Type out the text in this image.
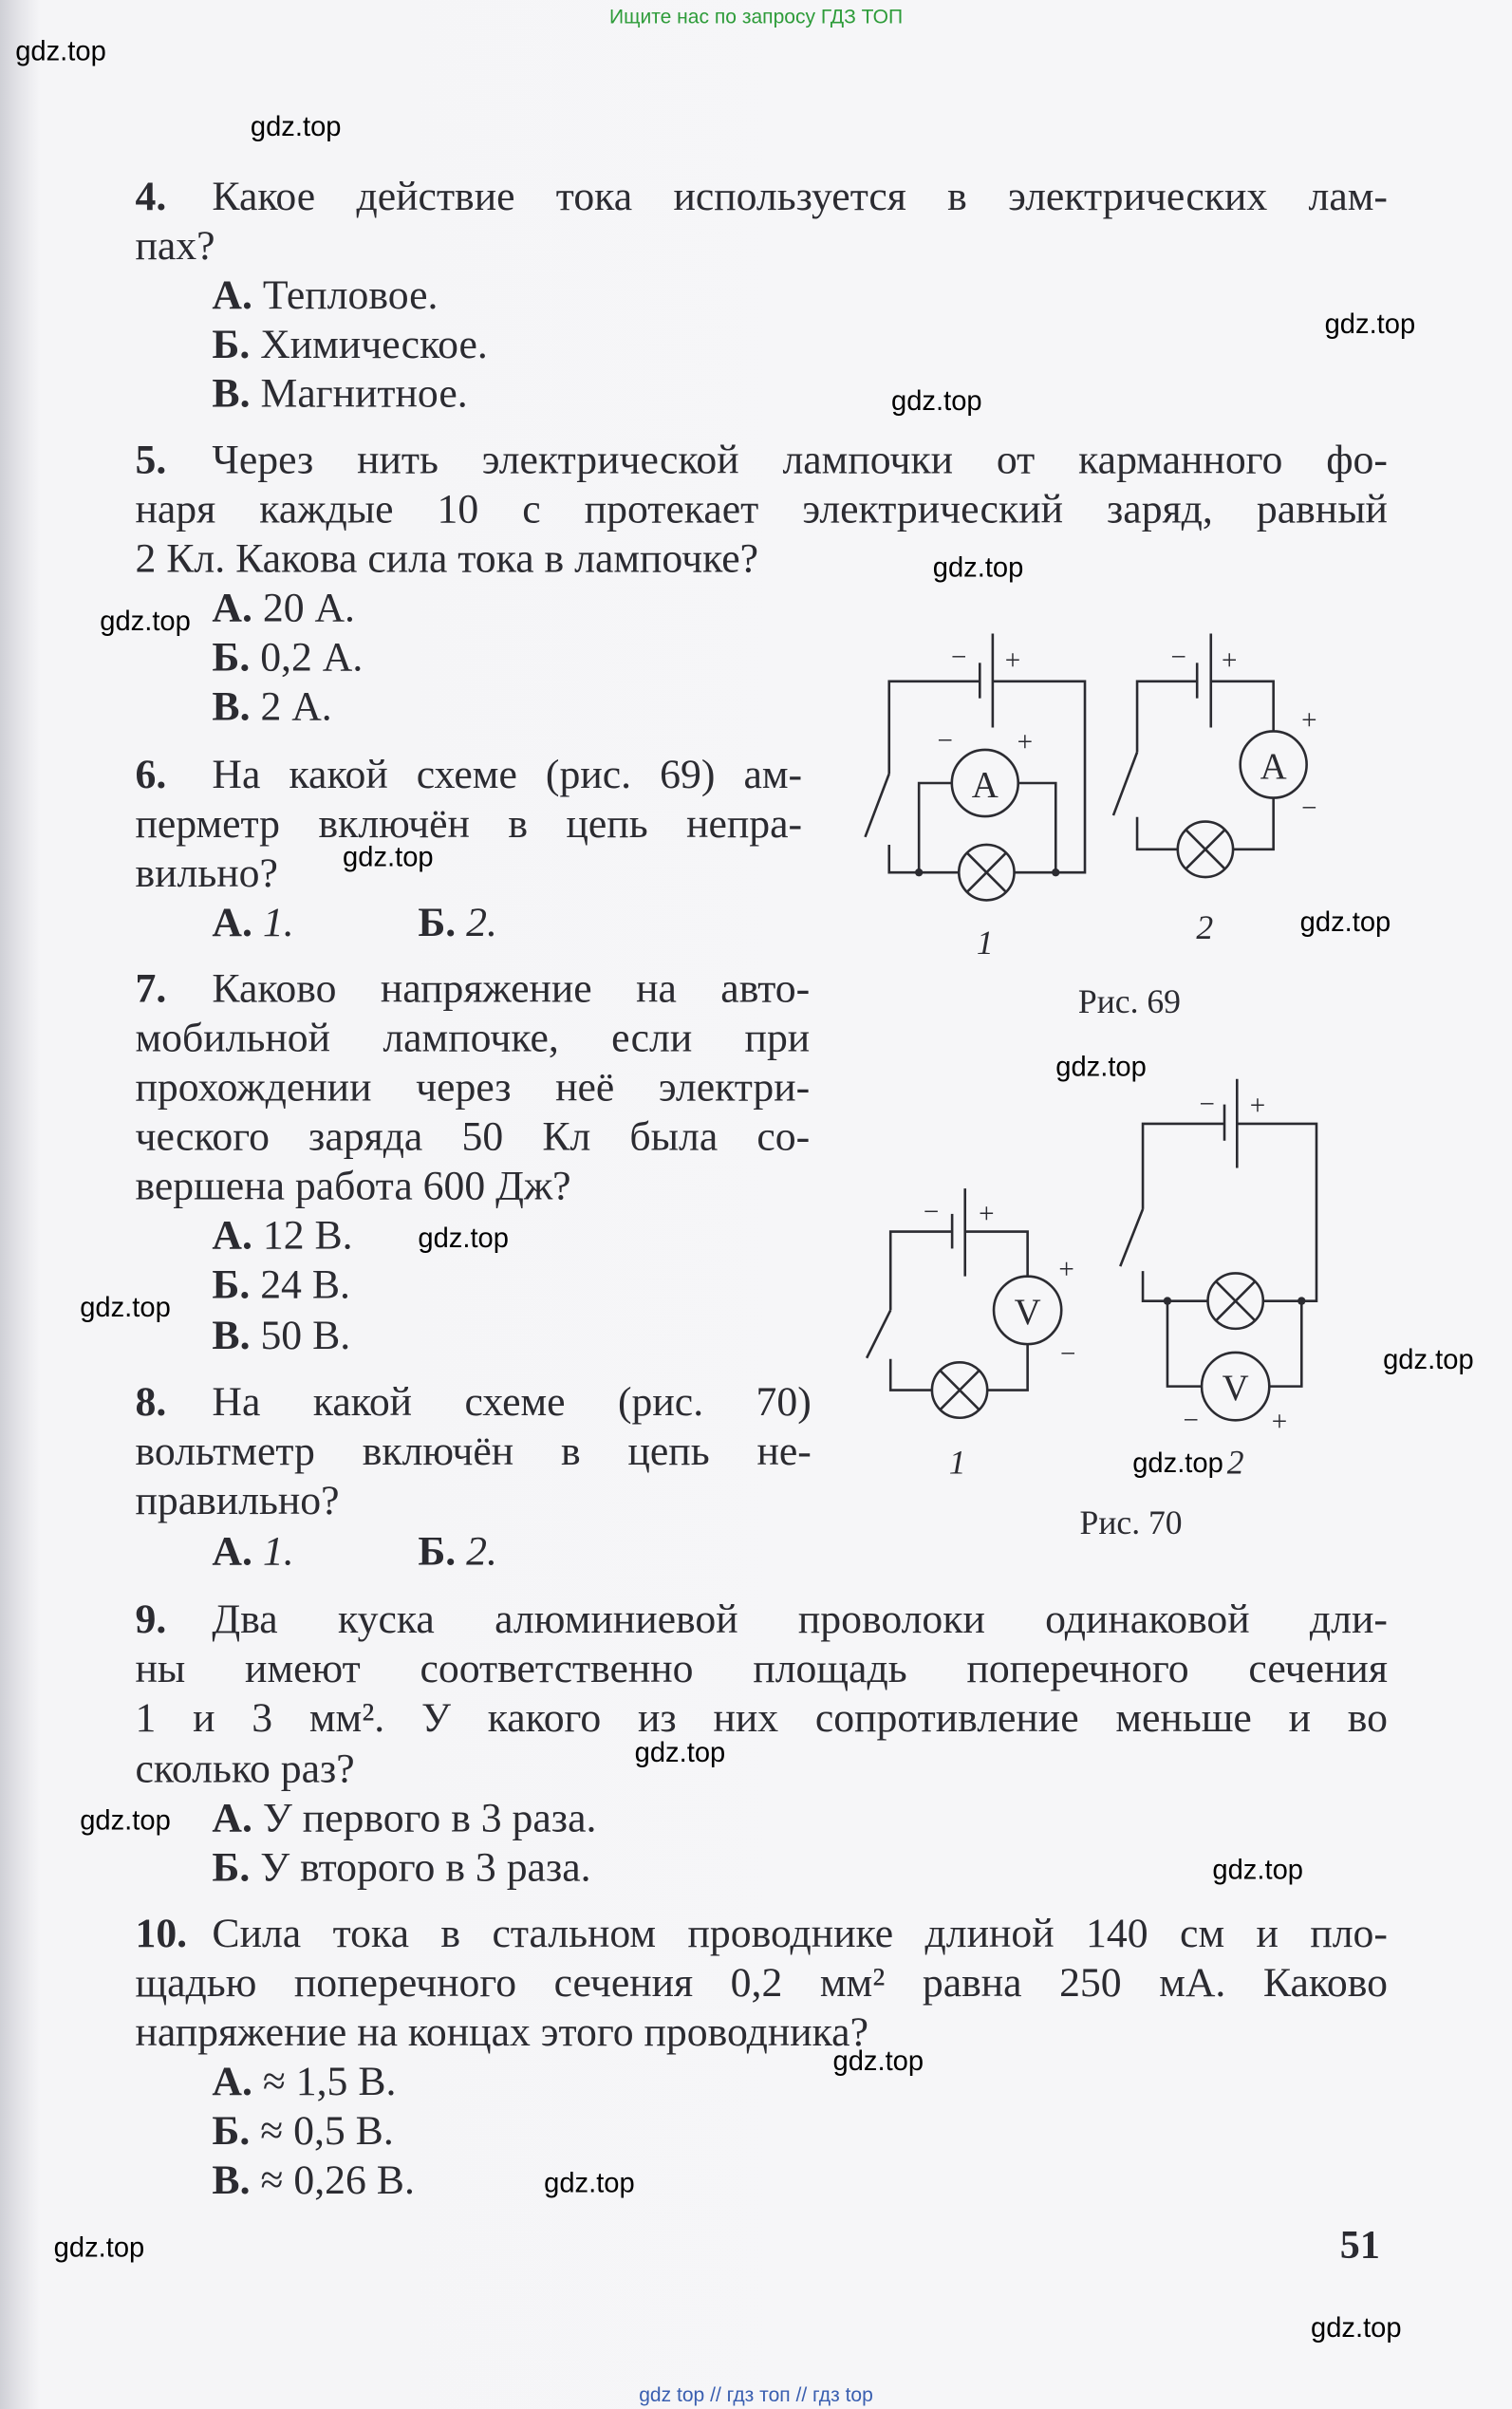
Ищите нас по запросу ГДЗ ТОП
gdz top // гдз топ // гдз top
4. Какое действие тока используется в электрических лам-
пах?
А. Тепловое.
Б. Химическое.
В. Магнитное.
5. Через нить электрической лампочки от карманного фо-
наря каждые 10 с протекает электрический заряд, равный
2 Кл. Какова сила тока в лампочке?
А. 20 А.
Б. 0,2 А.
В. 2 А.
6. На какой схеме (рис. 69) ам-
перметр включён в цепь непра-
вильно?
А. 1.	Б. 2.
7. Каково напряжение на авто-
мобильной лампочке, если при
прохождении через неё электри-
ческого заряда 50 Кл была со-
вершена работа 600 Дж?
А. 12 В.
Б. 24 В.
В. 50 В.
8. На какой схеме (рис. 70)
вольтметр включён в цепь не-
правильно?
А. 1.	Б. 2.
9. Два куска алюминиевой проволоки одинаковой дли-
ны имеют соответственно площадь поперечного сечения
1 и 3 мм². У какого из них сопротивление меньше и во
сколько раз?
А. У первого в 3 раза.
Б. У второго в 3 раза.
10. Сила тока в стальном проводнике длиной 140 см и пло-
щадью поперечного сечения 0,2 мм² равна 250 мА. Каково
напряжение на концах этого проводника?
А. ≈ 1,5 В.
Б. ≈ 0,5 В.
В. ≈ 0,26 В.
A
− +
−	+
1
A
− +
+
−
2
Рис. 69
V
− +
+
−
1
V
− +
−	+
2
Рис. 70
51
gdz.top
gdz.top
gdz.top
gdz.top
gdz.top
gdz.top
gdz.top
gdz.top
gdz.top
gdz.top
gdz.top
gdz.top
gdz.top
gdz.top
gdz.top
gdz.top
gdz.top
gdz.top
gdz.top
gdz.top
